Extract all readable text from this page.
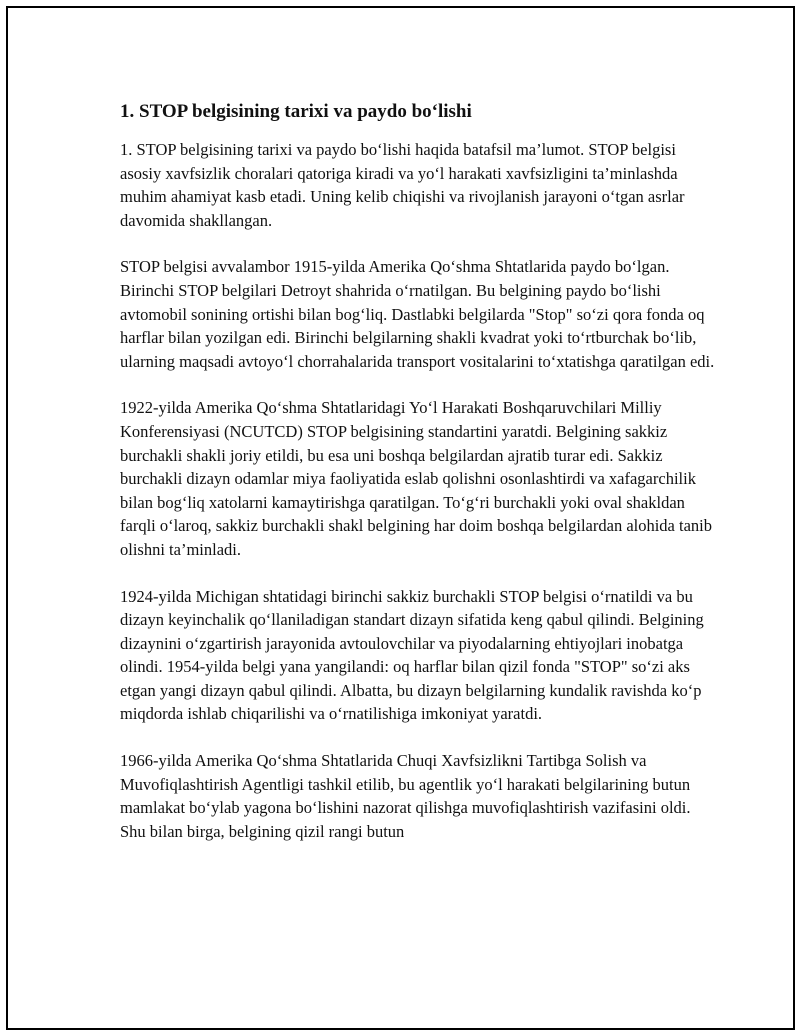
1. STOP belgisining tarixi va paydo bo‘lishi

1. STOP belgisining tarixi va paydo bo‘lishi haqida batafsil ma’lumot. STOP belgisi asosiy xavfsizlik choralari qatoriga kiradi va yo‘l harakati xavfsizligini ta’minlashda muhim ahamiyat kasb etadi. Uning kelib chiqishi va rivojlanish jarayoni o‘tgan asrlar davomida shakllangan.

STOP belgisi avvalambor 1915-yilda Amerika Qo‘shma Shtatlarida paydo bo‘lgan. Birinchi STOP belgilari Detroyt shahrida o‘rnatilgan. Bu belgining paydo bo‘lishi avtomobil sonining ortishi bilan bog‘liq. Dastlabki belgilarda "Stop" so‘zi qora fonda oq harflar bilan yozilgan edi. Birinchi belgilarning shakli kvadrat yoki to‘rtburchak bo‘lib, ularning maqsadi avtoyo‘l chorrahalarida transport vositalarini to‘xtatishga qaratilgan edi.

1922-yilda Amerika Qo‘shma Shtatlaridagi Yo‘l Harakati Boshqaruvchilari Milliy Konferensiyasi (NCUTCD) STOP belgisining standartini yaratdi. Belgining sakkiz burchakli shakli joriy etildi, bu esa uni boshqa belgilardan ajratib turar edi. Sakkiz burchakli dizayn odamlar miya faoliyatida eslab qolishni osonlashtirdi va xafagarchilik bilan bog‘liq xatolarni kamaytirishga qaratilgan. To‘g‘ri burchakli yoki oval shakldan farqli o‘laroq, sakkiz burchakli shakl belgining har doim boshqa belgilardan alohida tanib olishni ta’minladi.

1924-yilda Michigan shtatidagi birinchi sakkiz burchakli STOP belgisi o‘rnatildi va bu dizayn keyinchalik qo‘llaniladigan standart dizayn sifatida keng qabul qilindi. Belgining dizaynini o‘zgartirish jarayonida avtoulovchilar va piyodalarning ehtiyojlari inobatga olindi. 1954-yilda belgi yana yangilandi: oq harflar bilan qizil fonda "STOP" so‘zi aks etgan yangi dizayn qabul qilindi. Albatta, bu dizayn belgilarning kundalik ravishda ko‘p miqdorda ishlab chiqarilishi va o‘rnatilishiga imkoniyat yaratdi.

1966-yilda Amerika Qo‘shma Shtatlarida Chuqi Xavfsizlikni Tartibga Solish va Muvofiqlashtirish Agentligi tashkil etilib, bu agentlik yo‘l harakati belgilarining butun mamlakat bo‘ylab yagona bo‘lishini nazorat qilishga muvofiqlashtirish vazifasini oldi. Shu bilan birga, belgining qizil rangi butun
